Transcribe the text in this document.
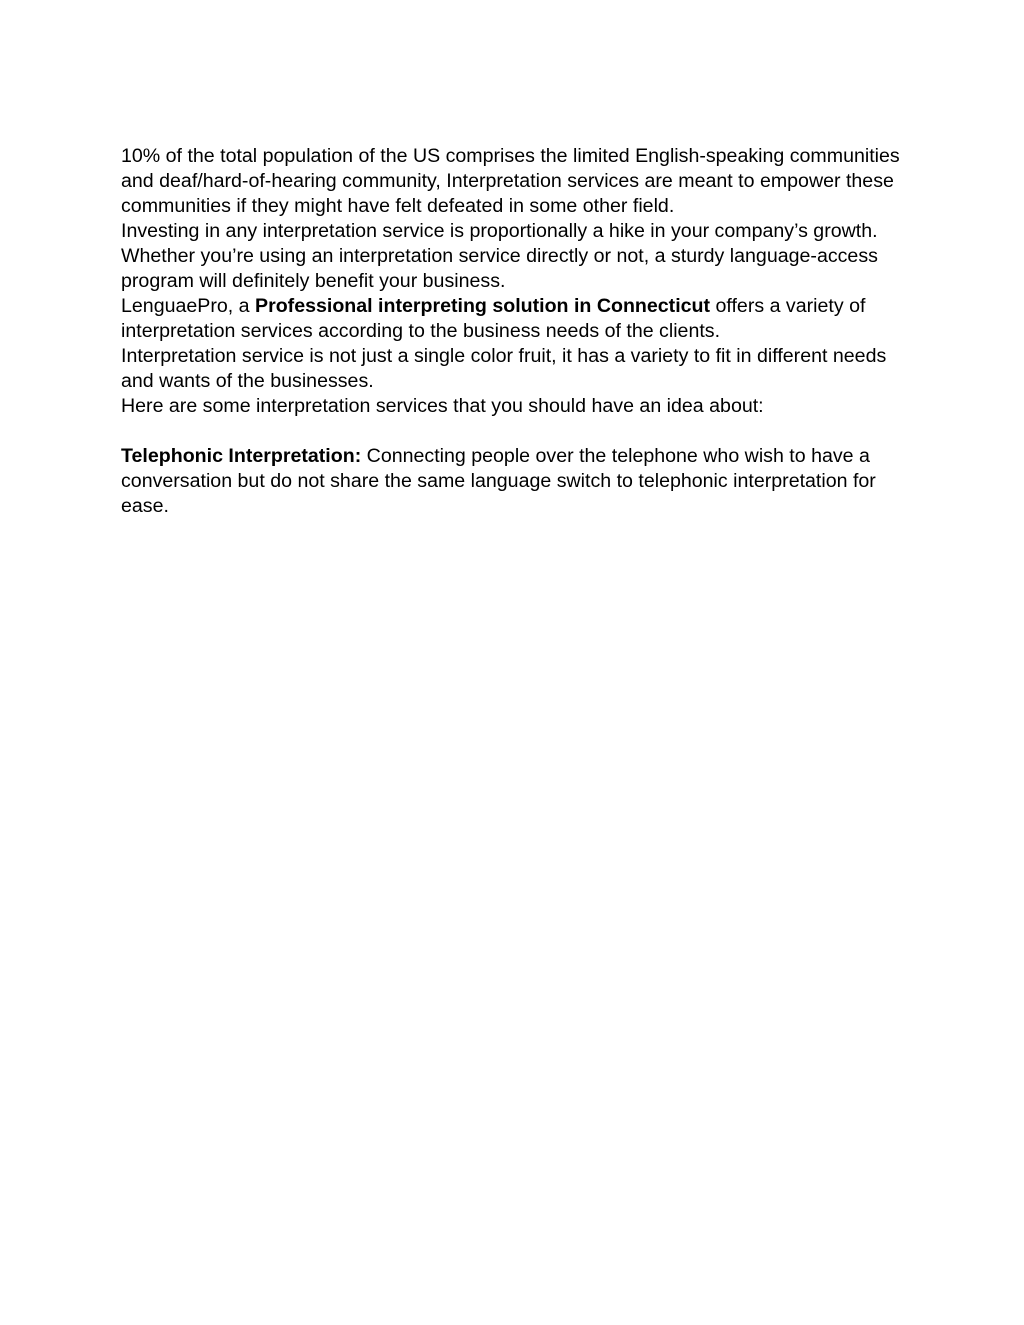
10% of the total population of the US comprises the limited English-speaking communities and deaf/hard-of-hearing community, Interpretation services are meant to empower these communities if they might have felt defeated in some other field.

Investing in any interpretation service is proportionally a hike in your company’s growth. Whether you’re using an interpretation service directly or not, a sturdy language-access program will definitely benefit your business.

LenguaePro, a Professional interpreting solution in Connecticut offers a variety of interpretation services according to the business needs of the clients.

Interpretation service is not just a single color fruit, it has a variety to fit in different needs and wants of the businesses.

Here are some interpretation services that you should have an idea about:

Telephonic Interpretation: Connecting people over the telephone who wish to have a conversation but do not share the same language switch to telephonic interpretation for ease.
